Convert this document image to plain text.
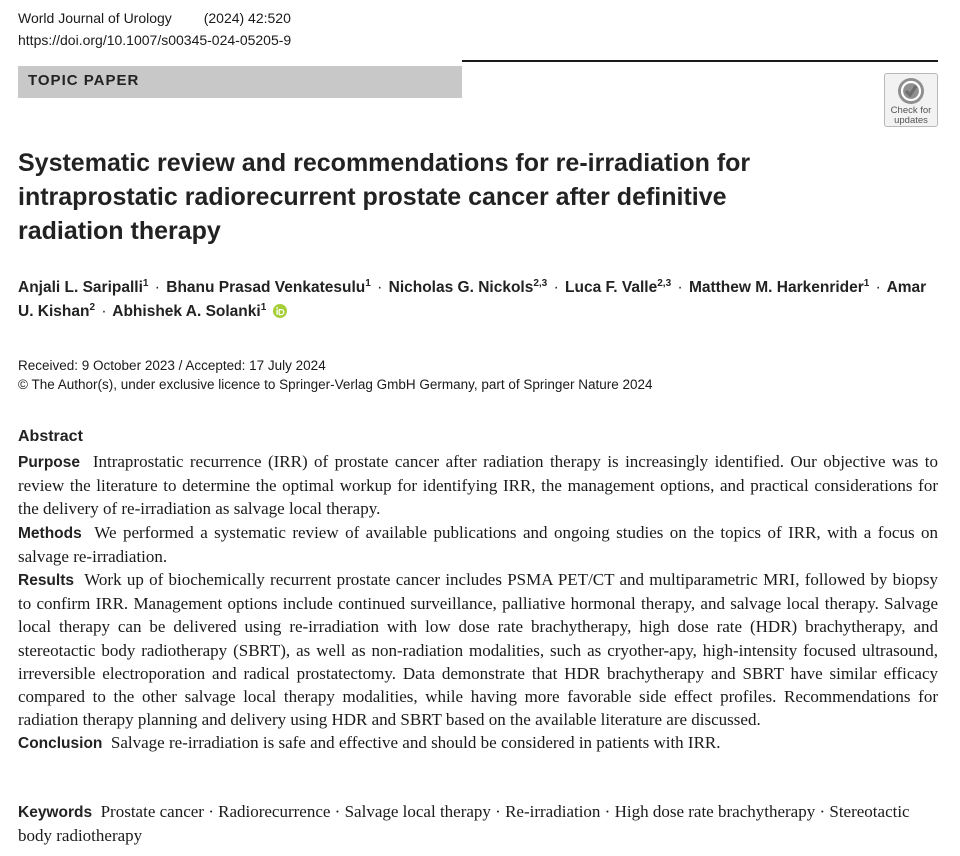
World Journal of Urology (2024) 42:520
https://doi.org/10.1007/s00345-024-05205-9
TOPIC PAPER
Check for
updates
Systematic review and recommendations for re-irradiation for intraprostatic radiorecurrent prostate cancer after definitive radiation therapy
Anjali L. Saripalli$^1$ · Bhanu Prasad Venkatesulu$^1$ · Nicholas G. Nickols$^{2,3}$ · Luca F. Valle$^{2,3}$ · Matthew M. Harkenrider$^1$ · Amar U. Kishan$^2$ · Abhishek A. Solanki$^1$
Received: 9 October 2023 / Accepted: 17 July 2024
© The Author(s), under exclusive licence to Springer-Verlag GmbH Germany, part of Springer Nature 2024
Abstract

Purpose Intraprostatic recurrence (IRR) of prostate cancer after radiation therapy is increasingly identified. Our objective was to review the literature to determine the optimal workup for identifying IRR, the management options, and practical considerations for the delivery of re-irradiation as salvage local therapy.

Methods We performed a systematic review of available publications and ongoing studies on the topics of IRR, with a focus on salvage re-irradiation.

Results Work up of biochemically recurrent prostate cancer includes PSMA PET/CT and multiparametric MRI, followed by biopsy to confirm IRR. Management options include continued surveillance, palliative hormonal therapy, and salvage local therapy. Salvage local therapy can be delivered using re-irradiation with low dose rate brachytherapy, high dose rate (HDR) brachytherapy, and stereotactic body radiotherapy (SBRT), as well as non-radiation modalities, such as cryother-apy, high-intensity focused ultrasound, irreversible electroporation and radical prostatectomy. Data demonstrate that HDR brachytherapy and SBRT have similar efficacy compared to the other salvage local therapy modalities, while having more favorable side effect profiles. Recommendations for radiation therapy planning and delivery using HDR and SBRT based on the available literature are discussed.

Conclusion Salvage re-irradiation is safe and effective and should be considered in patients with IRR.

Keywords Prostate cancer · Radiorecurrence · Salvage local therapy · Re-irradiation · High dose rate brachytherapy · Stereotactic body radiotherapy
